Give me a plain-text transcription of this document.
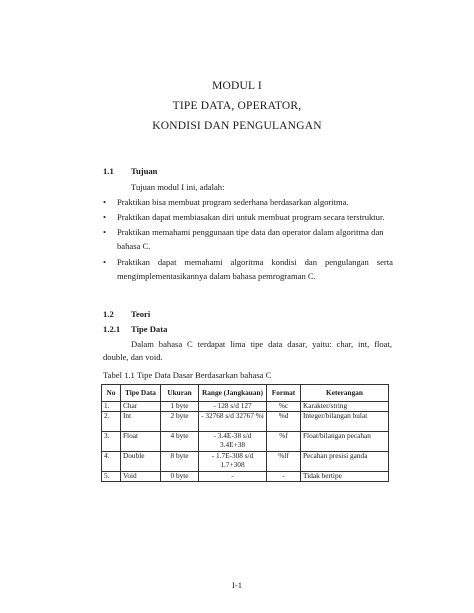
MODUL I
TIPE DATA, OPERATOR,
KONDISI DAN PENGULANGAN
1.1 Tujuan
Tujuan modul I ini, adalah:
• Praktikan bisa membuat program sederhana berdasarkan algoritma.
• Praktikan dapat membiasakan diri untuk membuat program secara terstruktur.
• Praktikan memahami penggunaan tipe data dan operator dalam algoritma dan
bahasa C.
• Praktikan dapat memahami algoritma kondisi dan pengulangan serta
mengimplementasikannya dalam bahasa pemrograman C.
1.2 Teori
1.2.1 Tipe Data
Dalam bahasa C terdapat lima tipe data dasar, yaitu: char, int, float,
double, dan void.
Tabel 1.1 Tipe Data Dasar Berdasarkan bahasa C
No	Tipe Data	Ukuran	Range (Jangkauan)	Format	Keterangan
1.	Char	1 byte	- 128 s/d 127	%c	Karakter/string
2.	Int	2 byte	- 32768 s/d 32767 %i	%d	Integer/bilangan bulat
3.	Float	4 byte	- 3.4E-38 s/d 3.4E+38	%f	Float/bilangan pecahan
4.	Double	8 byte	- 1.7E-308 s/d 1.7+308	%lf	Pecahan presisi ganda
5.	Void	0 byte	-	-	Tidak bertipe
I-1
